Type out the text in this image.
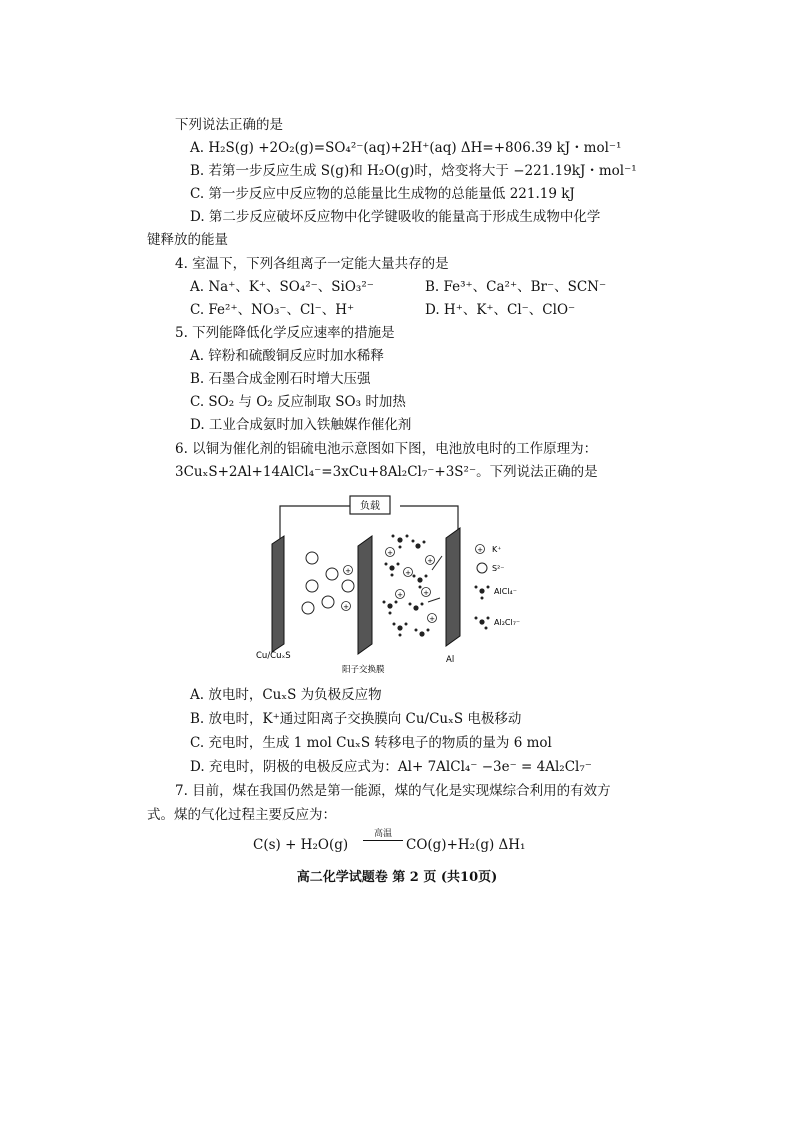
下列说法正确的是
A. H₂S(g) +2O₂(g)=SO₄²⁻(aq)+2H⁺(aq) ΔH=+806.39 kJ・mol⁻¹
B. 若第一步反应生成 S(g)和 H₂O(g)时，焓变将大于 −221.19kJ・mol⁻¹
C. 第一步反应中反应物的总能量比生成物的总能量低 221.19 kJ
D. 第二步反应破坏反应物中化学键吸收的能量高于形成生成物中化学
键释放的能量
4. 室温下，下列各组离子一定能大量共存的是
A. Na⁺、K⁺、SO₄²⁻、SiO₃²⁻	B. Fe³⁺、Ca²⁺、Br⁻、SCN⁻
C. Fe²⁺、NO₃⁻、Cl⁻、H⁺	D. H⁺、K⁺、Cl⁻、ClO⁻
5. 下列能降低化学反应速率的措施是
A. 锌粉和硫酸铜反应时加水稀释
B. 石墨合成金刚石时增大压强
C. SO₂ 与 O₂ 反应制取 SO₃ 时加热
D. 工业合成氨时加入铁触媒作催化剂
6. 以铜为催化剂的铝硫电池示意图如下图，电池放电时的工作原理为：
3CuₓS+2Al+14AlCl₄⁻=3xCu+8Al₂Cl₇⁻+3S²⁻。下列说法正确的是
负载
+
+
+
+
+
+
+
+
+ K⁺
S²⁻
AlCl₄⁻
Al₂Cl₇⁻
Cu/CuₓS	Al
阳子交换膜
A. 放电时，CuₓS 为负极反应物
B. 放电时，K⁺通过阳离子交换膜向 Cu/CuₓS 电极移动
C. 充电时，生成 1 mol CuₓS 转移电子的物质的量为 6 mol
D. 充电时，阴极的电极反应式为：Al+ 7AlCl₄⁻ −3e⁻ = 4Al₂Cl₇⁻
7. 目前，煤在我国仍然是第一能源，煤的气化是实现煤综合利用的有效方
式。煤的气化过程主要反应为：
C(s) + H₂O(g)
高温
CO(g)+H₂(g) ΔH₁
高二化学试题卷 第 2 页 (共10页)
